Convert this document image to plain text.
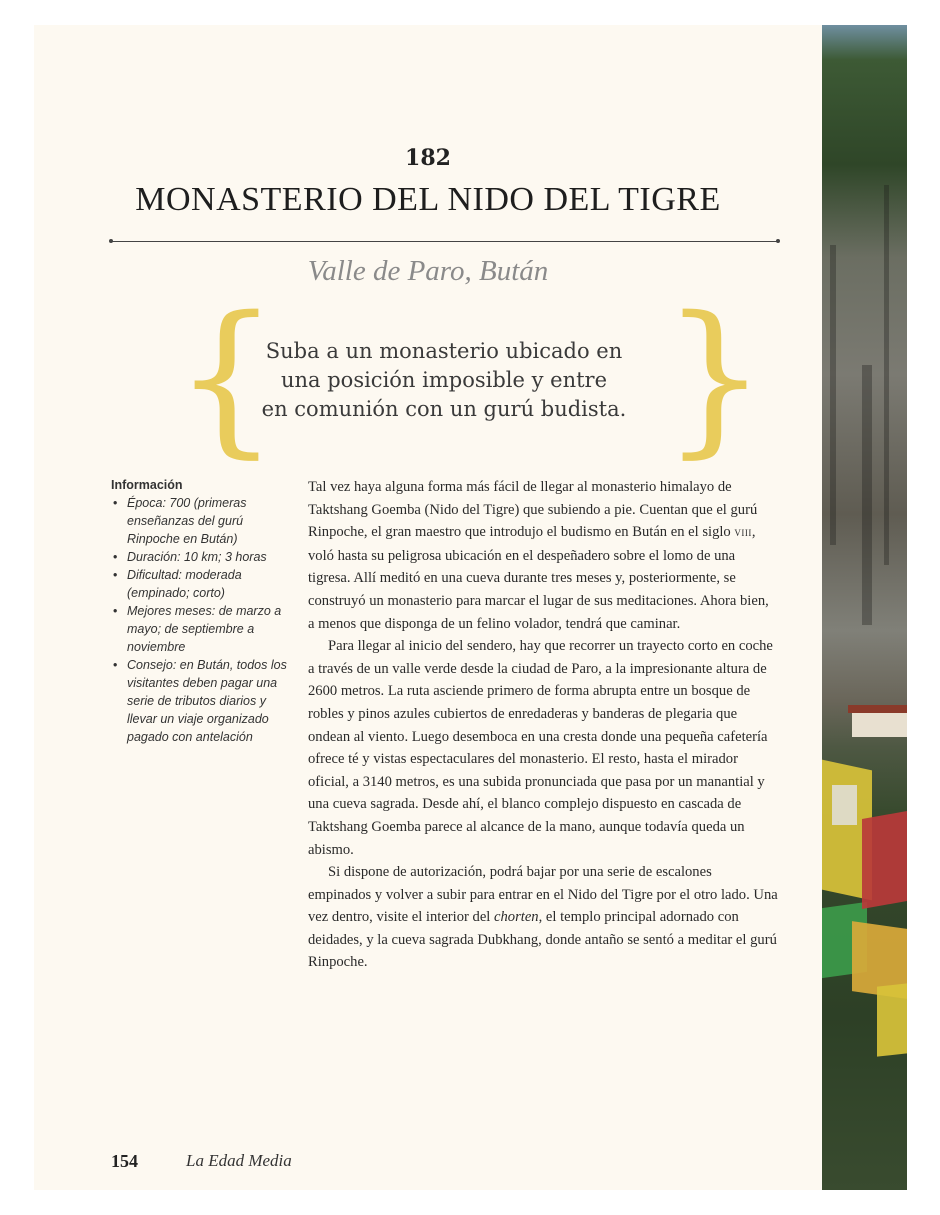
182
MONASTERIO DEL NIDO DEL TIGRE
Valle de Paro, Bután
{ }
Suba a un monasterio ubicado en
una posición imposible y entre
en comunión con un gurú budista.
Información
• Época: 700 (primeras enseñanzas del gurú Rinpoche en Bután)
• Duración: 10 km; 3 horas
• Dificultad: moderada (empinado; corto)
• Mejores meses: de marzo a mayo; de septiembre a noviembre
• Consejo: en Bután, todos los visitantes deben pagar una serie de tributos diarios y llevar un viaje organizado pagado con antelación

Tal vez haya alguna forma más fácil de llegar al monasterio himalayo de Taktshang Goemba (Nido del Tigre) que subiendo a pie. Cuentan que el gurú Rinpoche, el gran maestro que introdujo el budismo en Bután en el siglo VIII, voló hasta su peligrosa ubicación en el despeñadero sobre el lomo de una tigresa. Allí meditó en una cueva durante tres meses y, posteriormente, se construyó un monasterio para marcar el lugar de sus meditaciones. Ahora bien, a menos que disponga de un felino volador, tendrá que caminar.

Para llegar al inicio del sendero, hay que recorrer un trayecto corto en coche a través de un valle verde desde la ciudad de Paro, a la impresionante altura de 2600 metros. La ruta asciende primero de forma abrupta entre un bosque de robles y pinos azules cubiertos de enredaderas y banderas de plegaria que ondean al viento. Luego desemboca en una cresta donde una pequeña cafetería ofrece té y vistas espectaculares del monasterio. El resto, hasta el mirador oficial, a 3140 metros, es una subida pronunciada que pasa por un manantial y una cueva sagrada. Desde ahí, el blanco complejo dispuesto en cascada de Taktshang Goemba parece al alcance de la mano, aunque todavía queda un abismo.

Si dispone de autorización, podrá bajar por una serie de escalones empinados y volver a subir para entrar en el Nido del Tigre por el otro lado. Una vez dentro, visite el interior del chorten, el templo principal adornado con deidades, y la cueva sagrada Dubkhang, donde antaño se sentó a meditar el gurú Rinpoche.

154	La Edad Media
